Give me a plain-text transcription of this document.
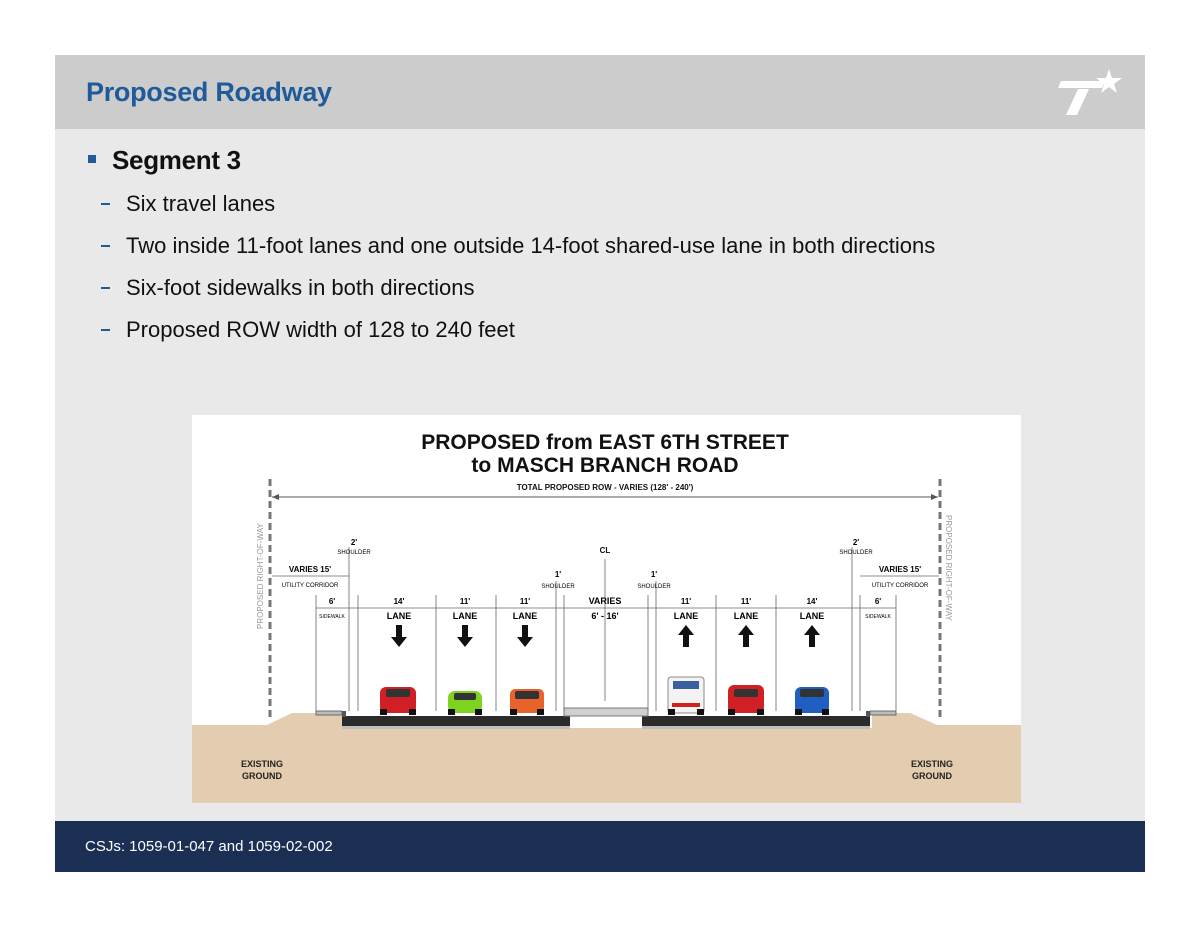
Proposed Roadway
Segment 3
Six travel lanes
Two inside 11-foot lanes and one outside 14-foot shared-use lane in both directions
Six-foot sidewalks in both directions
Proposed ROW width of 128 to 240 feet
PROPOSED from EAST 6TH STREET
to MASCH BRANCH ROAD
TOTAL PROPOSED ROW - VARIES (128' - 240')
PROPOSED RIGHT-OF-WAY	PROPOSED RIGHT-OF-WAY
CL
2'
SHOULDER
2'
SHOULDER
1'
SHOULDER
1'
SHOULDER
VARIES 15'
UTILITY CORRIDOR
VARIES 15'
UTILITY CORRIDOR
6'
SIDEWALK
6'
SIDEWALK
14'
LANE
11'
LANE
11'
LANE
VARIES
6' - 16'
11'
LANE
11'
LANE
14'
LANE
EXISTING
GROUND
EXISTING
GROUND
CSJs: 1059-01-047 and 1059-02-002
